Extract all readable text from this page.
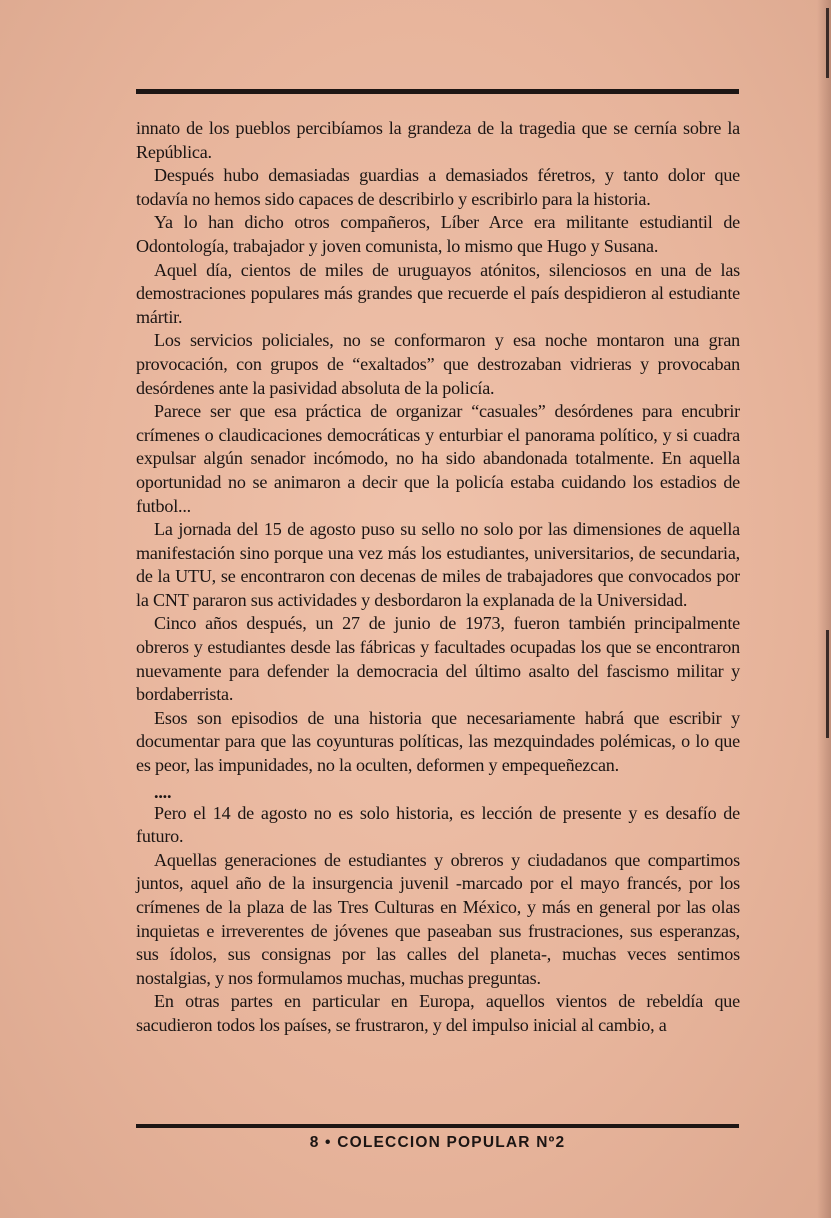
innato de los pueblos percibíamos la grandeza de la tragedia que se cernía sobre la República.

Después hubo demasiadas guardias a demasiados féretros, y tanto dolor que todavía no hemos sido capaces de describirlo y escribirlo para la historia.

Ya lo han dicho otros compañeros, Líber Arce era militante estudiantil de Odontología, trabajador y joven comunista, lo mismo que Hugo y Susana.

Aquel día, cientos de miles de uruguayos atónitos, silenciosos en una de las demostraciones populares más grandes que recuerde el país despidieron al estudiante mártir.

Los servicios policiales, no se conformaron y esa noche montaron una gran provocación, con grupos de “exaltados” que destrozaban vidrieras y provocaban desórdenes ante la pasividad absoluta de la policía.

Parece ser que esa práctica de organizar “casuales” desórdenes para encubrir crímenes o claudicaciones democráticas y enturbiar el panorama político, y si cuadra expulsar algún senador incómodo, no ha sido abandonada totalmente. En aquella oportunidad no se animaron a decir que la policía estaba cuidando los estadios de futbol...

La jornada del 15 de agosto puso su sello no solo por las dimensiones de aquella manifestación sino porque una vez más los estudiantes, universitarios, de secundaria, de la UTU, se encontraron con decenas de miles de trabajadores que convocados por la CNT pararon sus actividades y desbordaron la explanada de la Universidad.

Cinco años después, un 27 de junio de 1973, fueron también principalmente obreros y estudiantes desde las fábricas y facultades ocupadas los que se encontraron nuevamente para defender la democracia del último asalto del fascismo militar y bordaberrista.

Esos son episodios de una historia que necesariamente habrá que escribir y documentar para que las coyunturas políticas, las mezquindades polémicas, o lo que es peor, las impunidades, no la oculten, deformen y empequeñezcan.

....

Pero el 14 de agosto no es solo historia, es lección de presente y es desafío de futuro.

Aquellas generaciones de estudiantes y obreros y ciudadanos que compartimos juntos, aquel año de la insurgencia juvenil -marcado por el mayo francés, por los crímenes de la plaza de las Tres Culturas en México, y más en general por las olas inquietas e irreverentes de jóvenes que paseaban sus frustraciones, sus esperanzas, sus ídolos, sus consignas por las calles del planeta-, muchas veces sentimos nostalgias, y nos formulamos muchas, muchas preguntas.

En otras partes en particular en Europa, aquellos vientos de rebeldía que sacudieron todos los países, se frustraron, y del impulso inicial al cambio, a

8 • COLECCION POPULAR Nº2
